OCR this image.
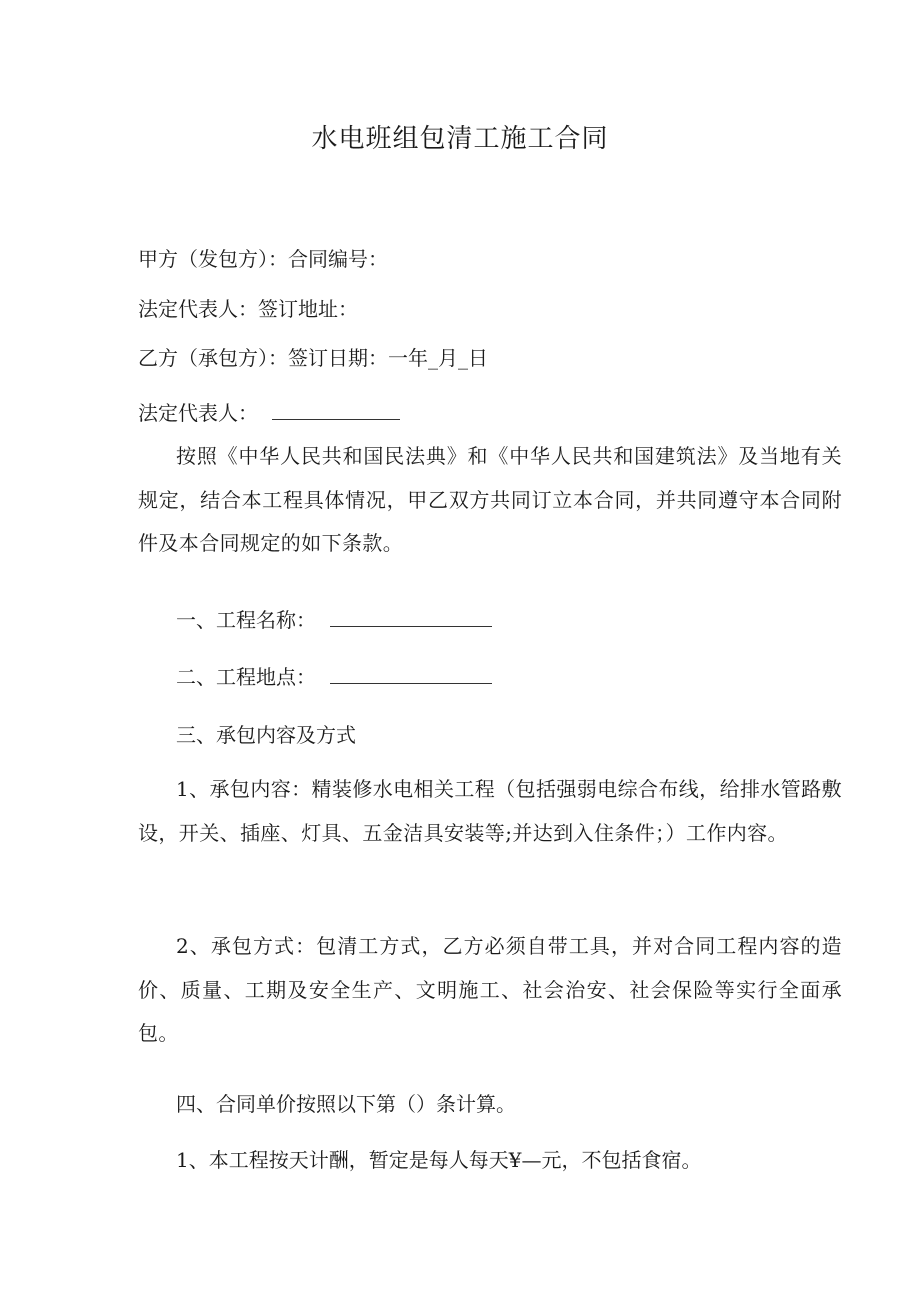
水电班组包清工施工合同
甲方（发包方）：合同编号：
法定代表人：签订地址：
乙方（承包方）：签订日期：一年_月_日
法定代表人：
按照《中华人民共和国民法典》和《中华人民共和国建筑法》及当地有关规定，结合本工程具体情况，甲乙双方共同订立本合同，并共同遵守本合同附件及本合同规定的如下条款。
一、工程名称：
二、工程地点：
三、承包内容及方式
1、承包内容：精装修水电相关工程（包括强弱电综合布线，给排水管路敷设，开关、插座、灯具、五金洁具安装等;并达到入住条件；）工作内容。
2、承包方式：包清工方式，乙方必须自带工具，并对合同工程内容的造价、质量、工期及安全生产、文明施工、社会治安、社会保险等实行全面承包。
四、合同单价按照以下第（）条计算。
1、本工程按天计酬，暂定是每人每天¥—元，不包括食宿。
